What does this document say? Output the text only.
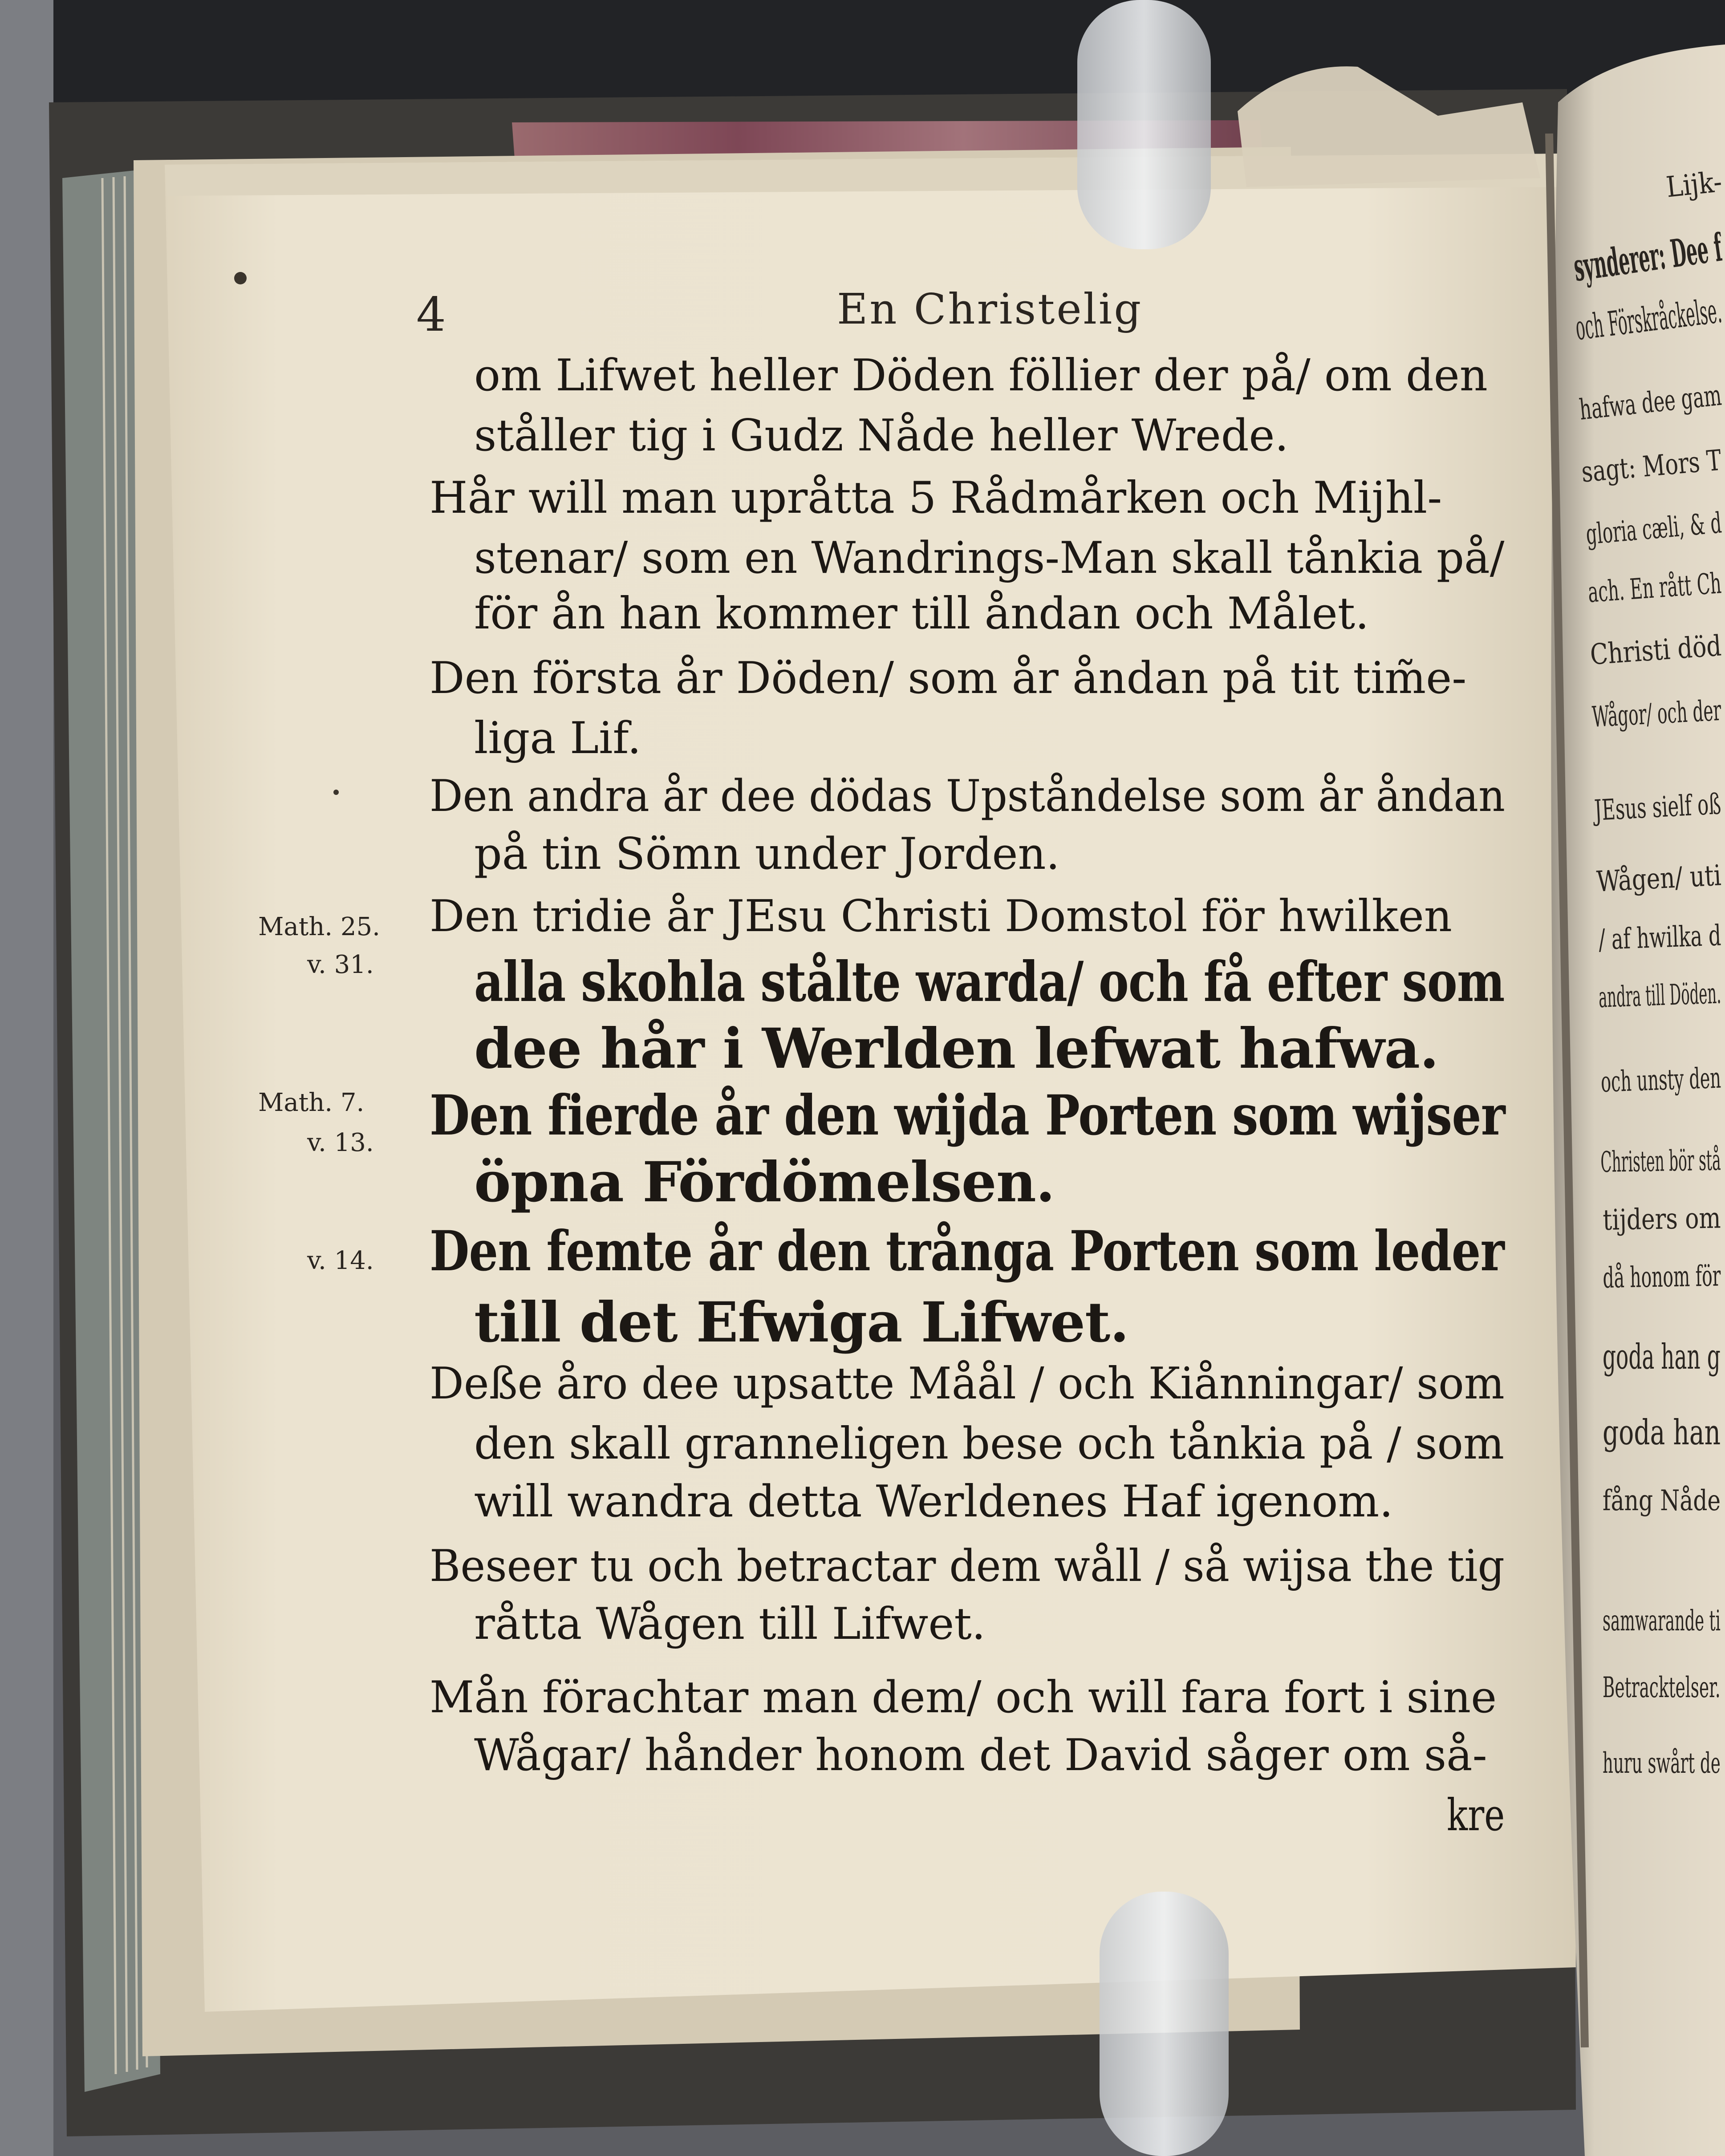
4	En Christelig
om Lifwet heller Döden föllier der på/ om den
ståller tig i Gudz Nåde heller Wrede.
Hår will man upråtta 5 Rådmårken och Mijhl-
stenar/ som en Wandrings-Man skall tånkia på/
för ån han kommer till åndan och Målet.
Den första år Döden/ som år åndan på tit tim̃e-
liga Lif.
Den andra år dee dödas Upståndelse som år åndan
på tin Sömn under Jorden.
Den tridie år JEsu Christi Domstol för hwilken
alla skohla stålte warda/ och få efter som
dee hår i Werlden lefwat hafwa.
Den fierde år den wijda Porten som wijser
öpna Fördömelsen.
Den femte år den trånga Porten som leder
till det Efwiga Lifwet.
Deße åro dee upsatte Måål / och Kiånningar/ som
den skall granneligen bese och tånkia på / som
will wandra detta Werldenes Haf igenom.
Beseer tu och betractar dem wåll / så wijsa the tig
råtta Wågen till Lifwet.
Mån förachtar man dem/ och will fara fort i sine
Wågar/ hånder honom det David såger om så-
kre
Math. 25.
v. 31.
Math. 7.
v. 13.
v. 14.
Lijk-
synderer: Dee f
och Förskråckelse.
hafwa dee gam
sagt: Mors T
gloria cæli, & d
ach. En rått Ch
Christi död
Wågor/ och der
JEsus sielf oß
Wågen/ uti
/ af hwilka d
andra till Döden.
och unsty den
Christen bör stå
tijders om
då honom för
goda han g
goda han
fång Nåde
samwarande ti
Betracktelser.
huru swårt de
